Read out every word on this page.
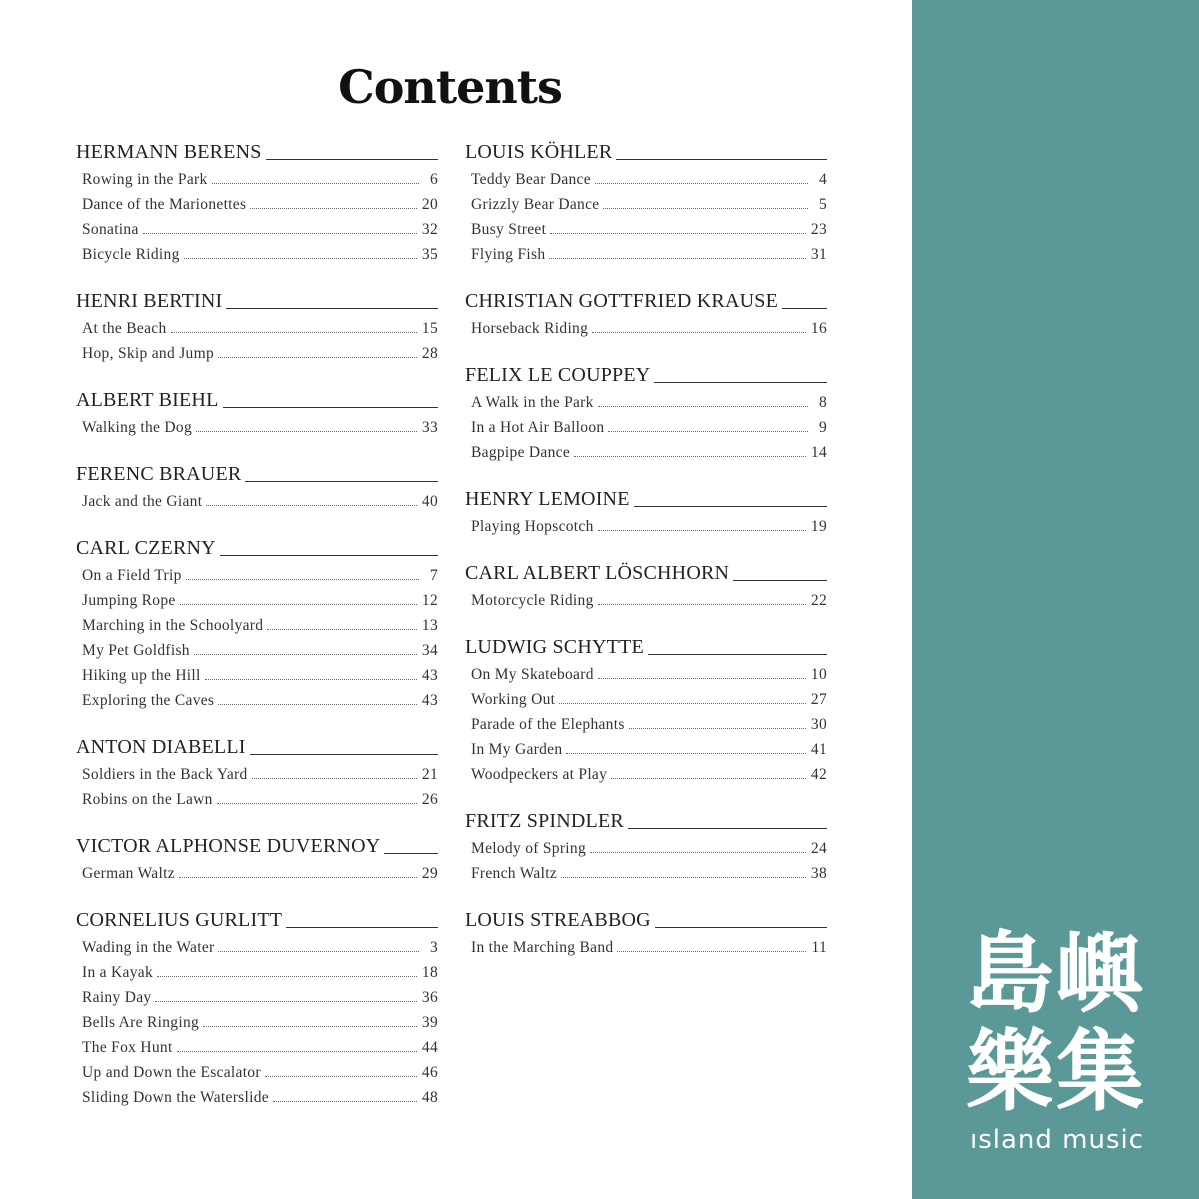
Contents
HERMANN BERENS
Rowing in the Park	6
Dance of the Marionettes	20
Sonatina	32
Bicycle Riding	35
HENRI BERTINI
At the Beach	15
Hop, Skip and Jump	28
ALBERT BIEHL
Walking the Dog	33
FERENC BRAUER
Jack and the Giant	40
CARL CZERNY
On a Field Trip	7
Jumping Rope	12
Marching in the Schoolyard	13
My Pet Goldfish	34
Hiking up the Hill	43
Exploring the Caves	43
ANTON DIABELLI
Soldiers in the Back Yard	21
Robins on the Lawn	26
VICTOR ALPHONSE DUVERNOY
German Waltz	29
CORNELIUS GURLITT
Wading in the Water	3
In a Kayak	18
Rainy Day	36
Bells Are Ringing	39
The Fox Hunt	44
Up and Down the Escalator	46
Sliding Down the Waterslide	48
LOUIS KÖHLER
Teddy Bear Dance	4
Grizzly Bear Dance	5
Busy Street	23
Flying Fish	31
CHRISTIAN GOTTFRIED KRAUSE
Horseback Riding	16
FELIX LE COUPPEY
A Walk in the Park	8
In a Hot Air Balloon	9
Bagpipe Dance	14
HENRY LEMOINE
Playing Hopscotch	19
CARL ALBERT LÖSCHHORN
Motorcycle Riding	22
LUDWIG SCHYTTE
On My Skateboard	10
Working Out	27
Parade of the Elephants	30
In My Garden	41
Woodpeckers at Play	42
FRITZ SPINDLER
Melody of Spring	24
French Waltz	38
LOUIS STREABBOG
In the Marching Band	11 島 嶼
樂 集
ısland music
